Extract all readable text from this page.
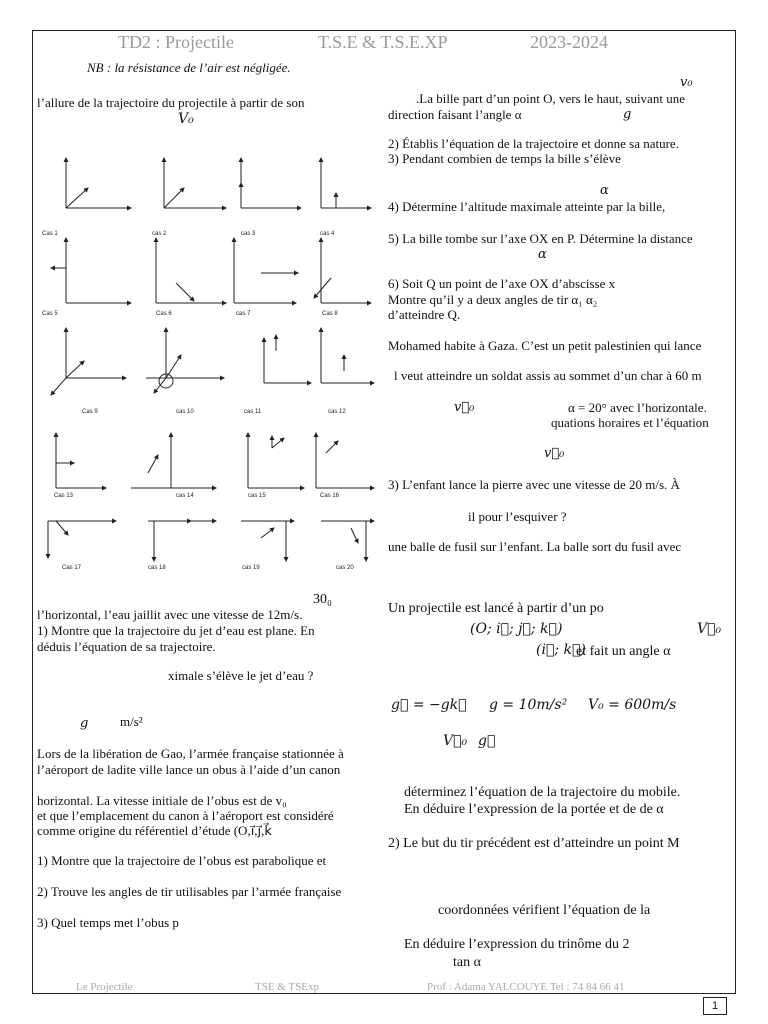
TD2 : Projectile	T.S.E & T.S.E.XP	2023-2024
NB : la résistance de l’air est négligée.
l’allure de la trajectoire du projectile à partir de son
V₀
Cas 1	cas 2	cas 3	cas 4
Cas 5	Cas 6	cas 7	Cas 8
Cas 9	cas 10	cas 11	cas 12
Cas 13	cas 14	cas 15	Cas 16
Cas 17	cas 18	cas 19	cas 20
30₀
l’horizontal, l’eau jaillit avec une vitesse de 12m/s.
1) Montre que la trajectoire du jet d’eau est plane. En
déduis l’équation de sa trajectoire.
ximale s’élève le jet d’eau ?
g m/s²
Lors de la libération de Gao, l’armée française stationnée à
l’aéroport de ladite ville lance un obus à l’aide d’un canon
horizontal. La vitesse initiale de l’obus est de v₀
et que l’emplacement du canon à l’aéroport est considéré
comme origine du référentiel d’étude (O,i⃗,j⃗,k⃗
1) Montre que la trajectoire de l’obus est parabolique et
2) Trouve les angles de tir utilisables par l’armée française
3) Quel temps met l’obus p
v₀
.La bille part d’un point O, vers le haut, suivant une
direction faisant l’angle α	g
2) Établis l’équation de la trajectoire et donne sa nature.
3) Pendant combien de temps la bille s’élève
α
4) Détermine l’altitude maximale atteinte par la bille,
5) La bille tombe sur l’axe OX en P. Détermine la distance
α
6) Soit Q un point de l’axe OX d’abscisse x
Montre qu’il y a deux angles de tir α₁ α₂
d’atteindre Q.
Mohamed habite à Gaza. C’est un petit palestinien qui lance
l veut atteindre un soldat assis au sommet d’un char à 60 m
v⃗₀	α = 20° avec l’horizontale.
quations horaires et l’équation
v⃗₀
3) L’enfant lance la pierre avec une vitesse de 20 m/s. À
il pour l’esquiver ?
une balle de fusil sur l’enfant. La balle sort du fusil avec
Un projectile est lancé à partir d’un po
(O; i⃗; j⃗; k⃗)	V⃗₀
(i⃗; k⃗)
et fait un angle α
g⃗ = −gk⃗ g = 10m/s² V₀ = 600m/s
V⃗₀ g⃗
déterminez l’équation de la trajectoire du mobile.
En déduire l’expression de la portée et de de α
2) Le but du tir précédent est d’atteindre un point M
coordonnées vérifient l’équation de la
En déduire l’expression du trinôme du 2
tan α
Le Projectile	TSE & TSExp	Prof : Adama YALCOUYE Tel : 74 84 66 41
1
